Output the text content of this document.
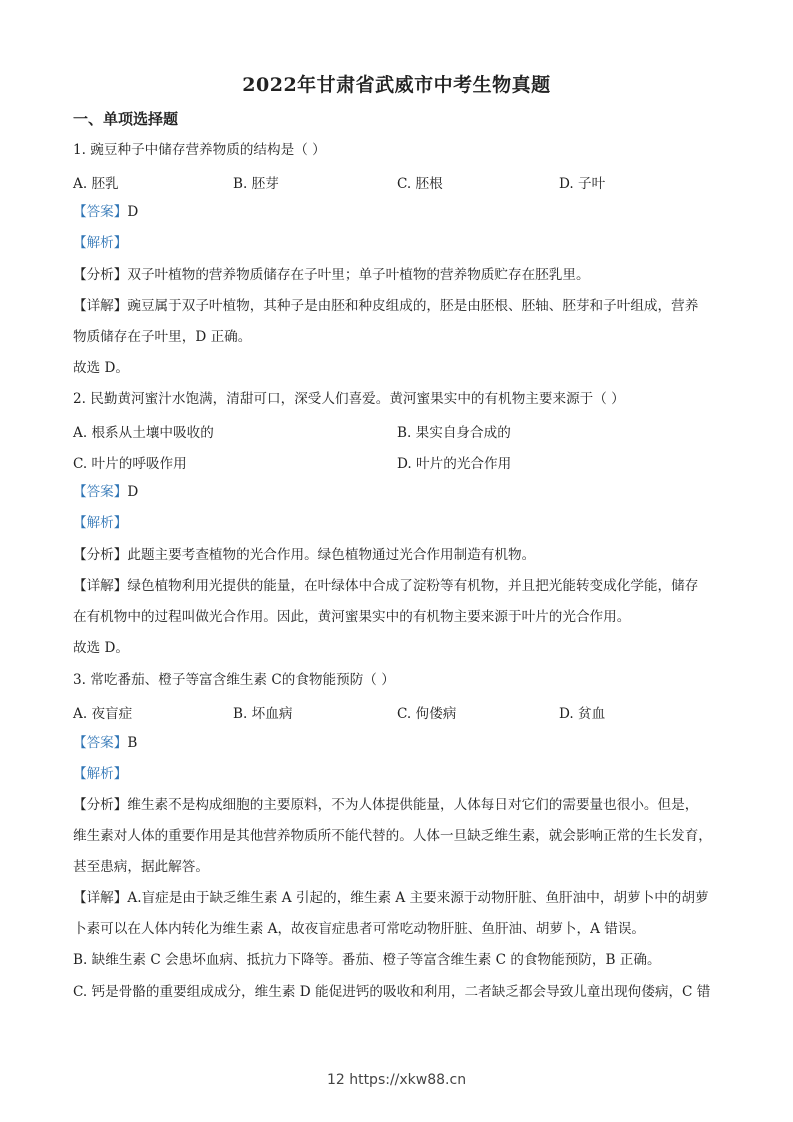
2022年甘肃省武威市中考生物真题
一、单项选择题
1. 豌豆种子中储存营养物质的结构是（ ）
A. 胚乳	B. 胚芽	C. 胚根	D. 子叶
【答案】D
【解析】
【分析】双子叶植物的营养物质储存在子叶里；单子叶植物的营养物质贮存在胚乳里。
【详解】豌豆属于双子叶植物，其种子是由胚和种皮组成的，胚是由胚根、胚轴、胚芽和子叶组成，营养
物质储存在子叶里，D 正确。
故选 D。
2. 民勤黄河蜜汁水饱满，清甜可口，深受人们喜爱。黄河蜜果实中的有机物主要来源于（ ）
A. 根系从土壤中吸收的	B. 果实自身合成的
C. 叶片的呼吸作用	D. 叶片的光合作用
【答案】D
【解析】
【分析】此题主要考查植物的光合作用。绿色植物通过光合作用制造有机物。
【详解】绿色植物利用光提供的能量，在叶绿体中合成了淀粉等有机物，并且把光能转变成化学能，储存
在有机物中的过程叫做光合作用。因此，黄河蜜果实中的有机物主要来源于叶片的光合作用。
故选 D。
3. 常吃番茄、橙子等富含维生素 C的食物能预防（ ）
A. 夜盲症	B. 坏血病	C. 佝偻病	D. 贫血
【答案】B
【解析】
【分析】维生素不是构成细胞的主要原料，不为人体提供能量，人体每日对它们的需要量也很小。但是，
维生素对人体的重要作用是其他营养物质所不能代替的。人体一旦缺乏维生素，就会影响正常的生长发育，
甚至患病，据此解答。
【详解】A.盲症是由于缺乏维生素 A 引起的，维生素 A 主要来源于动物肝脏、鱼肝油中，胡萝卜中的胡萝
卜素可以在人体内转化为维生素 A，故夜盲症患者可常吃动物肝脏、鱼肝油、胡萝卜，A 错误。
B. 缺维生素 C 会患坏血病、抵抗力下降等。番茄、橙子等富含维生素 C 的食物能预防，B 正确。
C. 钙是骨骼的重要组成成分，维生素 D 能促进钙的吸收和利用，二者缺乏都会导致儿童出现佝偻病，C 错
12 https://xkw88.cn
